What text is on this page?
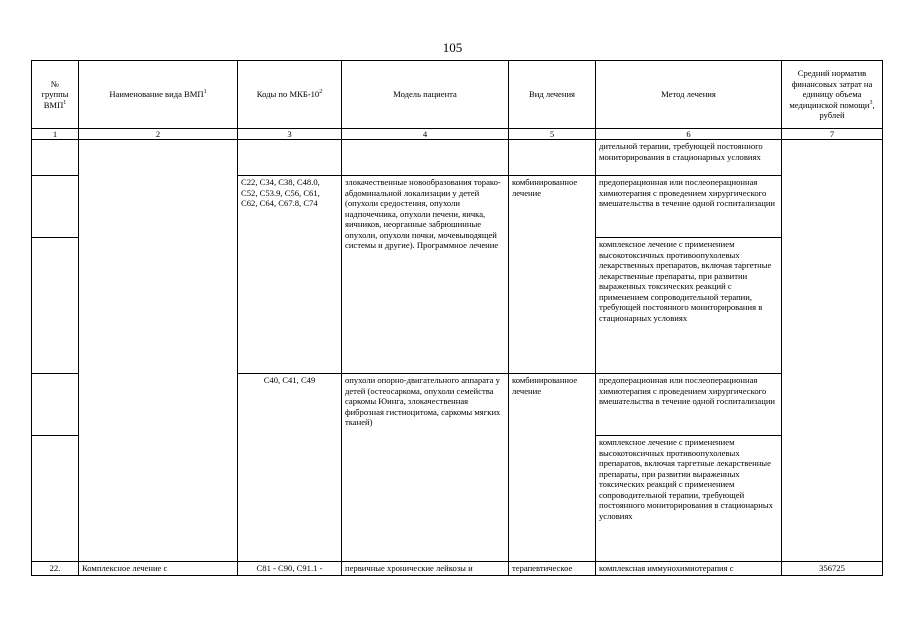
105
№
группы
ВМП$^1$	Наименование вида ВМП$^1$	Коды по МКБ-$10^2$	Модель пациента	Вид лечения	Метод лечения	Средний норматив финансовых затрат на единицу объема медицинской помощи$^3$, рублей
1	2	3	4	5	6	7
					дительной терапии, требующей постоянного мониторирования в стационарных условиях	
		C22, C34, C38, C48.0, C52, C53.9, C56, C61, C62, C64, C67.8, C74	злокачественные новообразования торако-абдоминальной локализации у детей (опухоли средостения, опухоли надпочечника, опухоли печени, яичка, яичников, неорганные забрюшинные опухоли, опухоли почки, мочевыводящей системы и другие). Программное лечение	комбинированное лечение	предоперационная или послеоперационная химиотерапия с проведением хирургического вмешательства в течение одной госпитализации	
					комплексное лечение с применением высокотоксичных противоопухолевых лекарственных препаратов, включая таргетные лекарственные препараты, при развитии выраженных токсических реакций с применением сопроводительной терапии, требующей постоянного мониторирования в стационарных условиях	

		C40, C41, C49	опухоли опорно-двигательного аппарата у детей (остеосаркома, опухоли семейства саркомы Юинга, злокачественная фиброзная гистиоцитома, саркомы мягких тканей)	комбинированное лечение	предоперационная или послеоперационная химиотерапия с проведением хирургического вмешательства в течение одной госпитализации	
					комплексное лечение с применением высокотоксичных противоопухолевых препаратов, включая таргетные лекарственные препараты, при развитии выраженных токсических реакций с применением сопроводительной терапии, требующей постоянного мониторирования в стационарных условиях	
22.	Комплексное лечение с	C81 - C90, C91.1 -	первичные хронические лейкозы и	терапевтическое	комплексная иммунохимиотерапия с	356725
